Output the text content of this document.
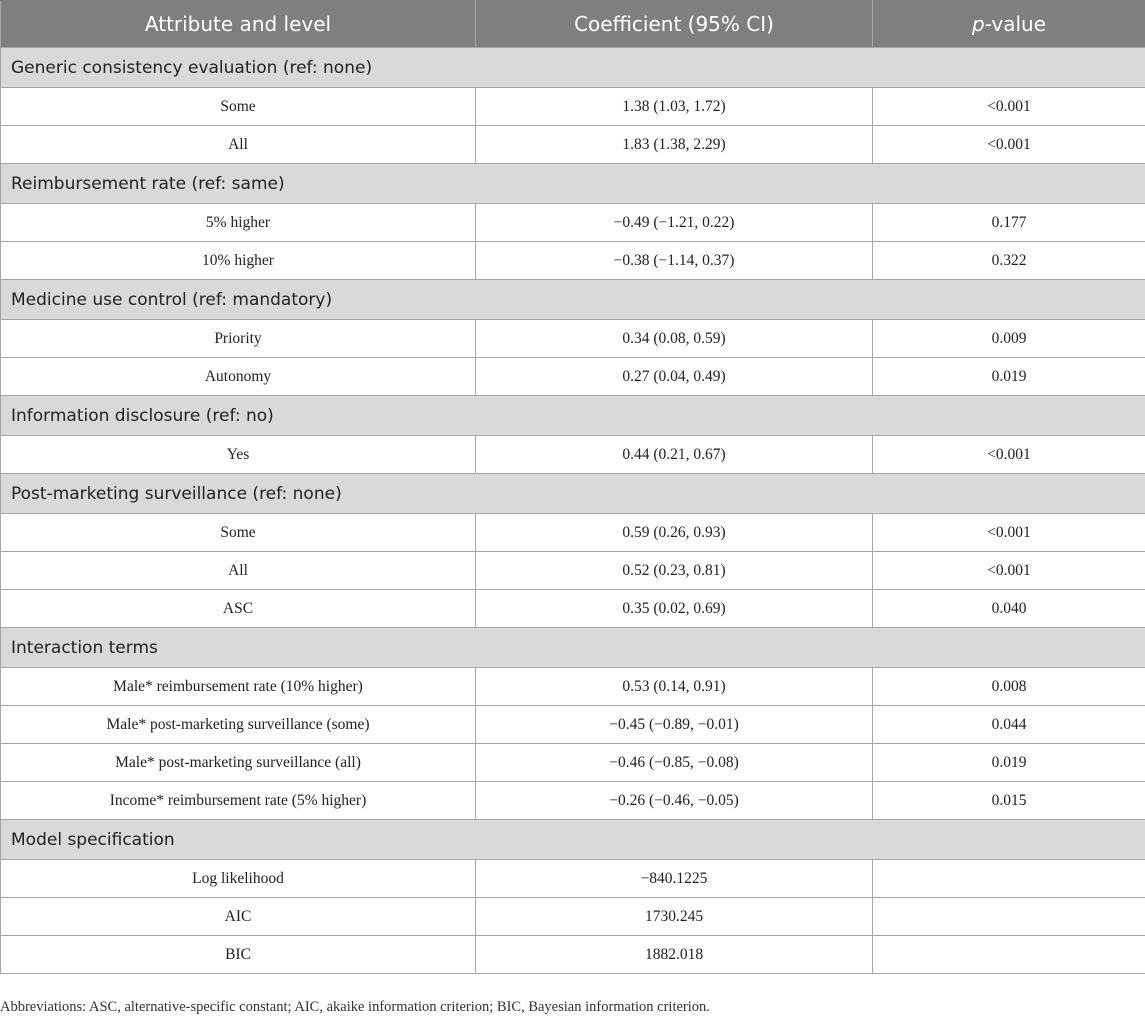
Attribute and level	Coefficient (95% CI)	p-value
Generic consistency evaluation (ref: none)		
Some	1.38 (1.03, 1.72)	<0.001
All	1.83 (1.38, 2.29)	<0.001
Reimbursement rate (ref: same)		
5% higher	−0.49 (−1.21, 0.22)	0.177
10% higher	−0.38 (−1.14, 0.37)	0.322
Medicine use control (ref: mandatory)		
Priority	0.34 (0.08, 0.59)	0.009
Autonomy	0.27 (0.04, 0.49)	0.019
Information disclosure (ref: no)		
Yes	0.44 (0.21, 0.67)	<0.001
Post-marketing surveillance (ref: none)		
Some	0.59 (0.26, 0.93)	<0.001
All	0.52 (0.23, 0.81)	<0.001
ASC	0.35 (0.02, 0.69)	0.040
Interaction terms		
Male* reimbursement rate (10% higher)	0.53 (0.14, 0.91)	0.008
Male* post-marketing surveillance (some)	−0.45 (−0.89, −0.01)	0.044
Male* post-marketing surveillance (all)	−0.46 (−0.85, −0.08)	0.019
Income* reimbursement rate (5% higher)	−0.26 (−0.46, −0.05)	0.015
Model specification		
Log likelihood	−840.1225	
AIC	1730.245	
BIC	1882.018	
Abbreviations: ASC, alternative-specific constant; AIC, akaike information criterion; BIC, Bayesian information criterion.
